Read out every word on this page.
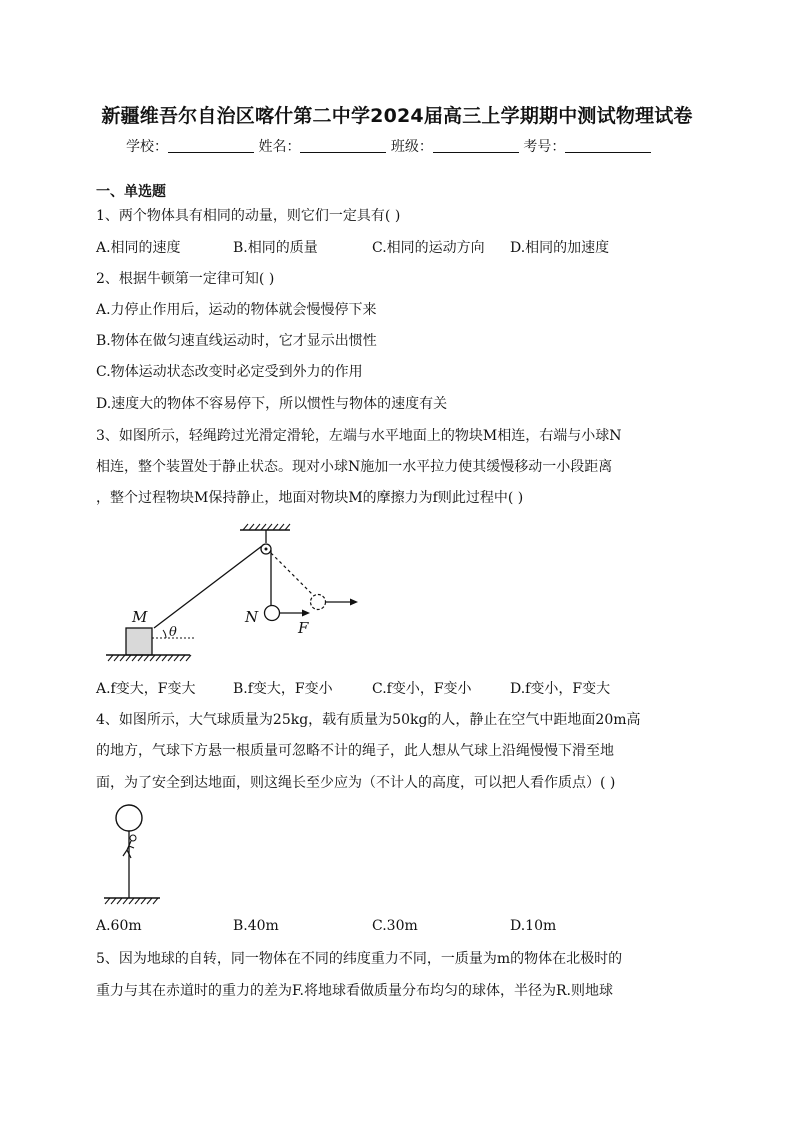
新疆维吾尔自治区喀什第二中学2024届高三上学期期中测试物理试卷
学校：	姓名：	班级：	考号：
一、单选题
1、两个物体具有相同的动量，则它们一定具有( )
A.相同的速度	B.相同的质量	C.相同的运动方向 D.相同的加速度
2、根据牛顿第一定律可知( )
A.力停止作用后，运动的物体就会慢慢停下来
B.物体在做匀速直线运动时，它才显示出惯性
C.物体运动状态改变时必定受到外力的作用
D.速度大的物体不容易停下，所以惯性与物体的速度有关
3、如图所示，轻绳跨过光滑定滑轮，左端与水平地面上的物块M相连，右端与小球N
相连，整个装置处于静止状态。现对小球N施加一水平拉力使其缓慢移动一小段距离
，整个过程物块M保持静止，地面对物块M的摩擦力为f则此过程中( )
M	N
θ	F
A.f变大，F变大	B.f变大，F变小	C.f变小，F变小	D.f变小，F变大
4、如图所示，大气球质量为25kg，载有质量为50kg的人，静止在空气中距地面20m高
的地方，气球下方悬一根质量可忽略不计的绳子，此人想从气球上沿绳慢慢下滑至地
面，为了安全到达地面，则这绳长至少应为（不计人的高度，可以把人看作质点）( )
A.60m	B.40m	C.30m	D.10m
5、因为地球的自转，同一物体在不同的纬度重力不同，一质量为m的物体在北极时的
重力与其在赤道时的重力的差为F.将地球看做质量分布均匀的球体，半径为R.则地球
